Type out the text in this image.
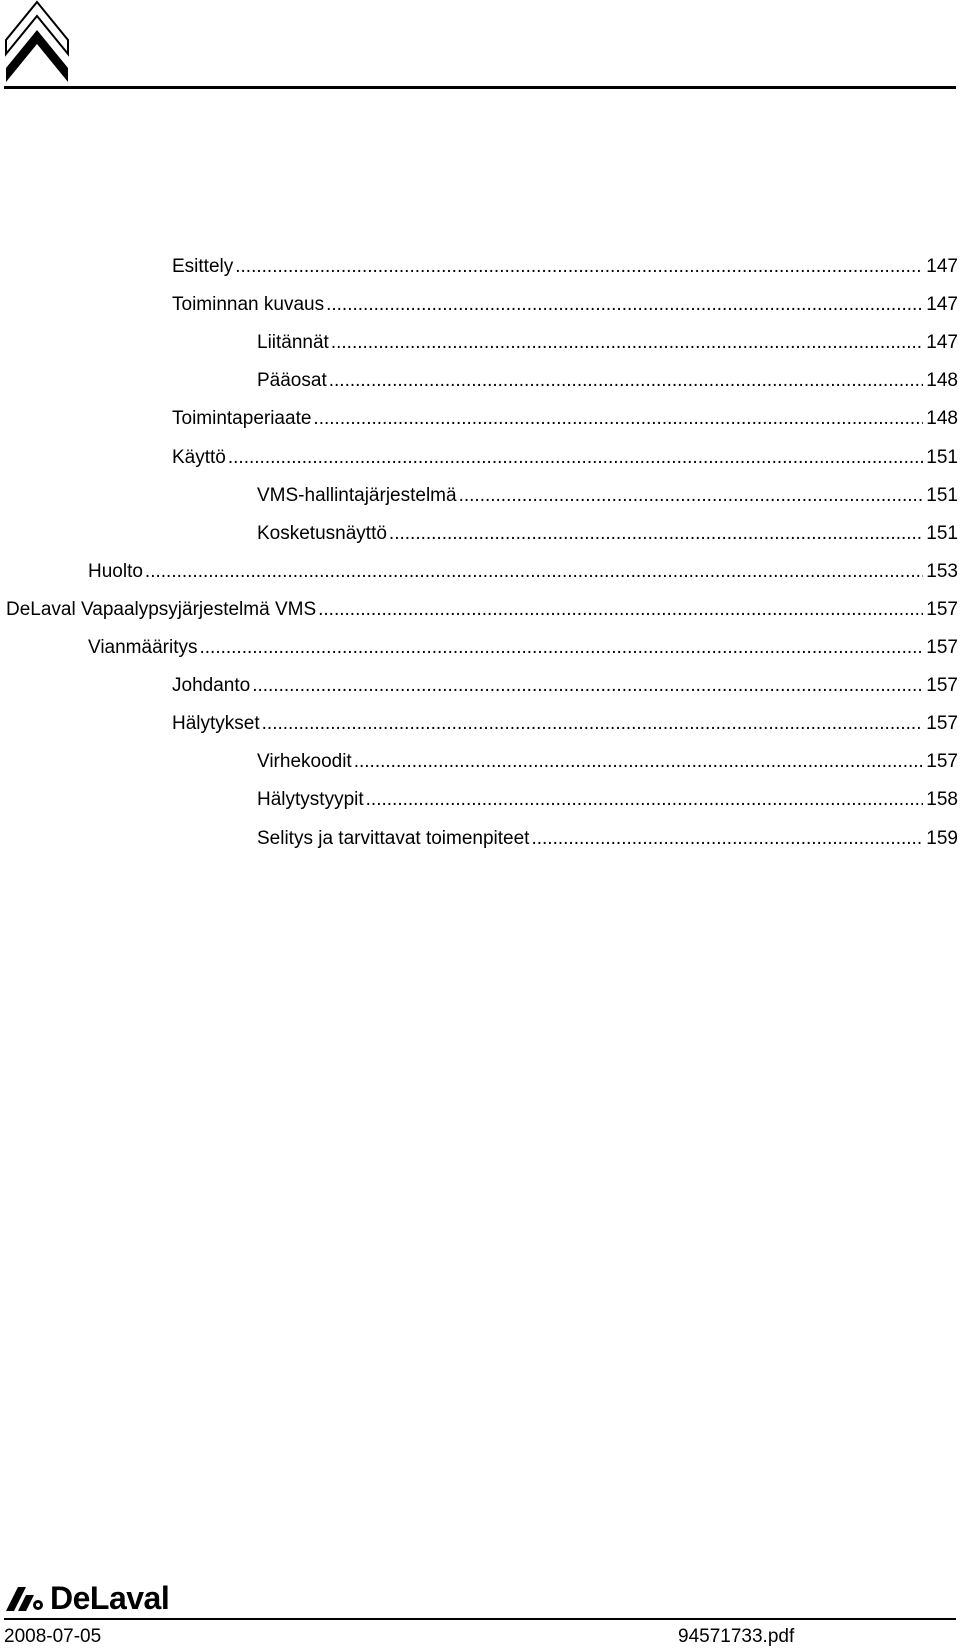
Esittely .....	147
Toiminnan kuvaus .....	147
Liitännät .....	147
Pääosat .....	148
Toimintaperiaate .....	148
Käyttö .....	151
VMS-hallintajärjestelmä .....	151
Kosketusnäyttö .....	151
Huolto .....	153
DeLaval Vapaalypsyjärjestelmä VMS .....	157
Vianmääritys .....	157
Johdanto .....	157
Hälytykset .....	157
Virhekoodit .....	157
Hälytystyypit .....	158
Selitys ja tarvittavat toimenpiteet .....	159
DeLaval
2008-07-05	94571733.pdf
